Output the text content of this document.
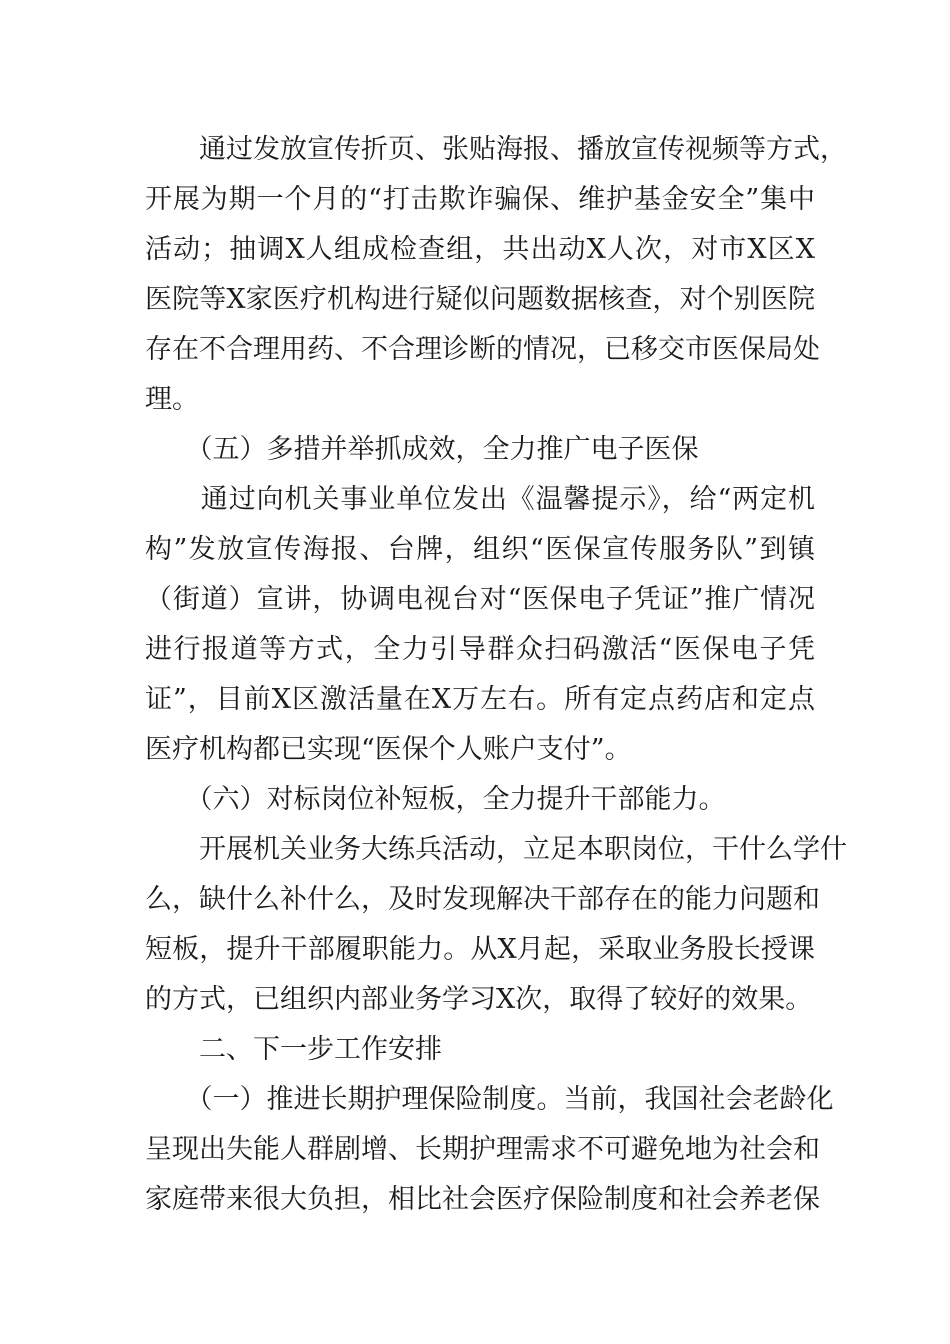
　　通过发放宣传折页、张贴海报、播放宣传视频等方式，
开展为期一个月的“打击欺诈骗保、维护基金安全”集中
活动；抽调X人组成检查组，共出动X人次，对市X区X
医院等X家医疗机构进行疑似问题数据核查，对个别医院
存在不合理用药、不合理诊断的情况，已移交市医保局处
理。
　　（五）多措并举抓成效，全力推广电子医保
　　通过向机关事业单位发出《温馨提示》，给“两定机
构”发放宣传海报、台牌，组织“医保宣传服务队”到镇
（街道）宣讲，协调电视台对“医保电子凭证”推广情况
进行报道等方式，全力引导群众扫码激活“医保电子凭
证”，目前X区激活量在X万左右。所有定点药店和定点
医疗机构都已实现“医保个人账户支付”。
　　（六）对标岗位补短板，全力提升干部能力。
　　开展机关业务大练兵活动，立足本职岗位，干什么学什
么，缺什么补什么，及时发现解决干部存在的能力问题和
短板，提升干部履职能力。从X月起，采取业务股长授课
的方式，已组织内部业务学习X次，取得了较好的效果。
　　二、下一步工作安排
　　（一）推进长期护理保险制度。当前，我国社会老龄化
呈现出失能人群剧增、长期护理需求不可避免地为社会和
家庭带来很大负担，相比社会医疗保险制度和社会养老保
